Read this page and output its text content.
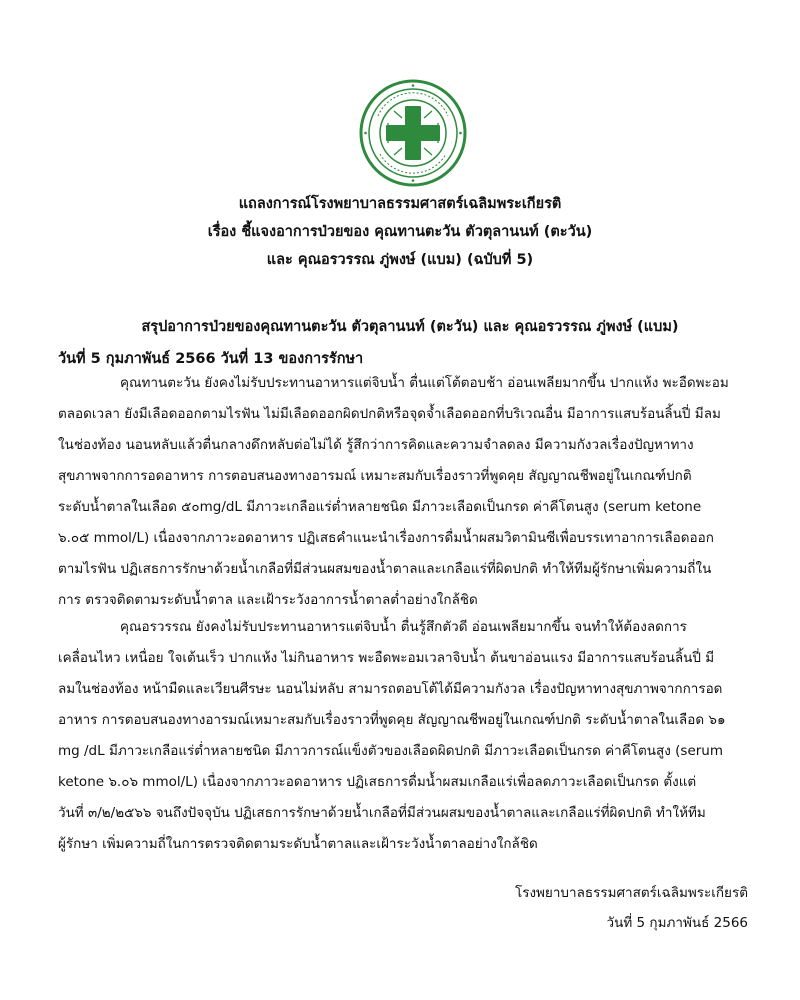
แถลงการณ์โรงพยาบาลธรรมศาสตร์เฉลิมพระเกียรติ
เรื่อง ชี้แจงอาการป่วยของ คุณทานตะวัน ตัวตุลานนท์ (ตะวัน)
และ คุณอรวรรณ ภู่พงษ์ (แบม) (ฉบับที่ 5)
สรุปอาการป่วยของคุณทานตะวัน ตัวตุลานนท์ (ตะวัน) และ คุณอรวรรณ ภู่พงษ์ (แบม)
วันที่ 5 กุมภาพันธ์ 2566 วันที่ 13 ของการรักษา
คุณทานตะวัน ยังคงไม่รับประทานอาหารแต่จิบน้ำ ตื่นแต่โต้ตอบช้า อ่อนเพลียมากขึ้น ปากแห้ง พะอืดพะอม
ตลอดเวลา ยังมีเลือดออกตามไรฟัน ไม่มีเลือดออกผิดปกติหรือจุดจ้ำเลือดออกที่บริเวณอื่น มีอาการแสบร้อนลิ้นปี่ มีลม
ในช่องท้อง นอนหลับแล้วตื่นกลางดึกหลับต่อไม่ได้ รู้สึกว่าการคิดและความจำลดลง มีความกังวลเรื่องปัญหาทาง
สุขภาพจากการอดอาหาร การตอบสนองทางอารมณ์ เหมาะสมกับเรื่องราวที่พูดคุย สัญญาณชีพอยู่ในเกณฑ์ปกติ
ระดับน้ำตาลในเลือด ๕๐mg/dL มีภาวะเกลือแร่ต่ำหลายชนิด มีภาวะเลือดเป็นกรด ค่าคีโตนสูง (serum ketone
๖.๐๕ mmol/L) เนื่องจากภาวะอดอาหาร ปฏิเสธคำแนะนำเรื่องการดื่มน้ำผสมวิตามินซีเพื่อบรรเทาอาการเลือดออก
ตามไรฟัน ปฏิเสธการรักษาด้วยน้ำเกลือที่มีส่วนผสมของน้ำตาลและเกลือแร่ที่ผิดปกติ ทำให้ทีมผู้รักษาเพิ่มความถี่ใน
การ ตรวจติดตามระดับน้ำตาล และเฝ้าระวังอาการน้ำตาลต่ำอย่างใกล้ชิด
คุณอรวรรณ ยังคงไม่รับประทานอาหารแต่จิบน้ำ ตื่นรู้สึกตัวดี อ่อนเพลียมากขึ้น จนทำให้ต้องลดการ
เคลื่อนไหว เหนื่อย ใจเต้นเร็ว ปากแห้ง ไม่กินอาหาร พะอืดพะอมเวลาจิบน้ำ ต้นขาอ่อนแรง มีอาการแสบร้อนลิ้นปี่ มี
ลมในช่องท้อง หน้ามืดและเวียนศีรษะ นอนไม่หลับ สามารถตอบโต้ได้มีความกังวล เรื่องปัญหาทางสุขภาพจากการอด
อาหาร การตอบสนองทางอารมณ์เหมาะสมกับเรื่องราวที่พูดคุย สัญญาณชีพอยู่ในเกณฑ์ปกติ ระดับน้ำตาลในเลือด ๖๑
mg /dL มีภาวะเกลือแร่ต่ำหลายชนิด มีภาวการณ์แข็งตัวของเลือดผิดปกติ มีภาวะเลือดเป็นกรด ค่าคีโตนสูง (serum
ketone ๖.๐๖ mmol/L) เนื่องจากภาวะอดอาหาร ปฏิเสธการดื่มน้ำผสมเกลือแร่เพื่อลดภาวะเลือดเป็นกรด ตั้งแต่
วันที่ ๓/๒/๒๕๖๖ จนถึงปัจจุบัน ปฏิเสธการรักษาด้วยน้ำเกลือที่มีส่วนผสมของน้ำตาลและเกลือแร่ที่ผิดปกติ ทำให้ทีม
ผู้รักษา เพิ่มความถี่ในการตรวจติดตามระดับน้ำตาลและเฝ้าระวังน้ำตาลอย่างใกล้ชิด
โรงพยาบาลธรรมศาสตร์เฉลิมพระเกียรติ
วันที่ 5 กุมภาพันธ์ 2566
